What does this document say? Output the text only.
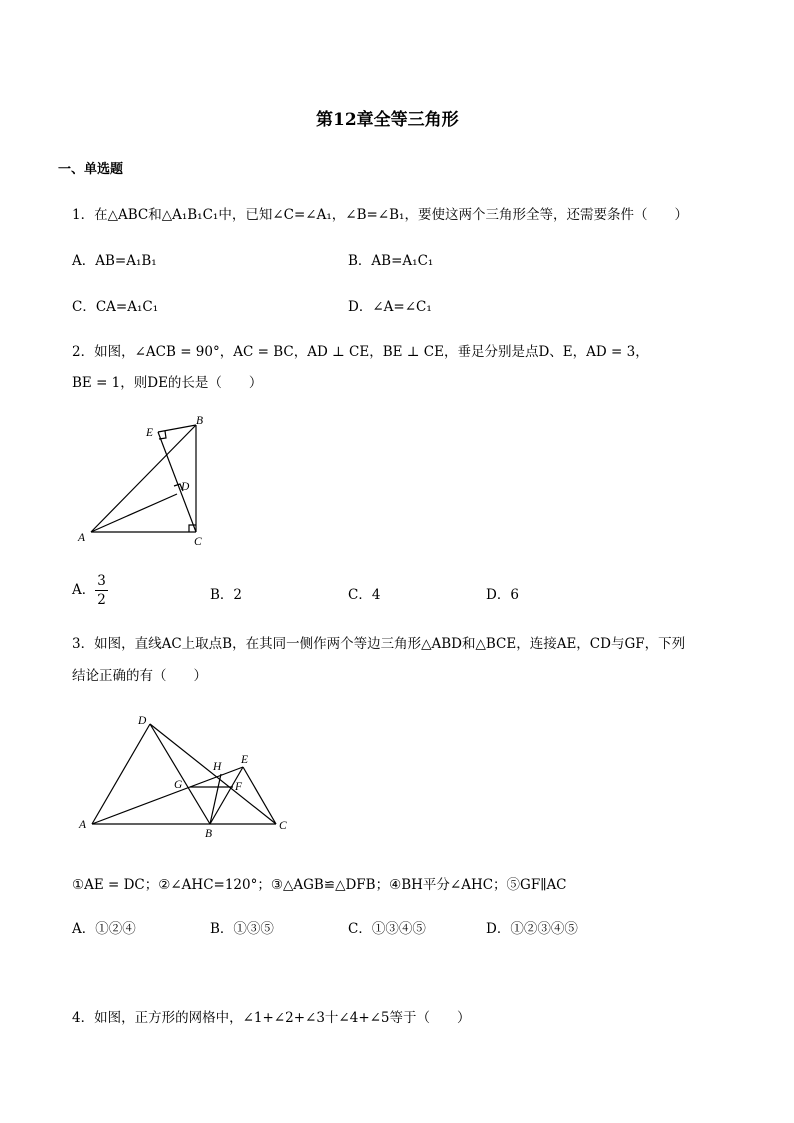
第12章全等三角形
一、单选题
1．在△ABC和△A₁B₁C₁中，已知∠C=∠A₁，∠B=∠B₁，要使这两个三角形全等，还需要条件（　　）
A．AB=A₁B₁	B．AB=A₁C₁
C．CA=A₁C₁	D．∠A=∠C₁
2．如图，∠ACB = 90°，AC = BC，AD ⊥ CE，BE ⊥ CE，垂足分别是点D、E，AD = 3，
BE = 1，则DE的长是（　　）
A
B
C
D
E
A． $\frac{3}{2}$	B．2	C．4	D．6
3．如图，直线AC上取点B，在其同一侧作两个等边三角形△ABD和△BCE，连接AE，CD与GF，下列
结论正确的有（　　）
A
B
C
D
E
F
G
H
①AE = DC；②∠AHC=120°；③△AGB≌△DFB；④BH平分∠AHC；⑤GF∥AC
A．①②④	B．①③⑤	C．①③④⑤	D．①②③④⑤
4．如图，正方形的网格中，∠1+∠2+∠3十∠4+∠5等于（　　）
